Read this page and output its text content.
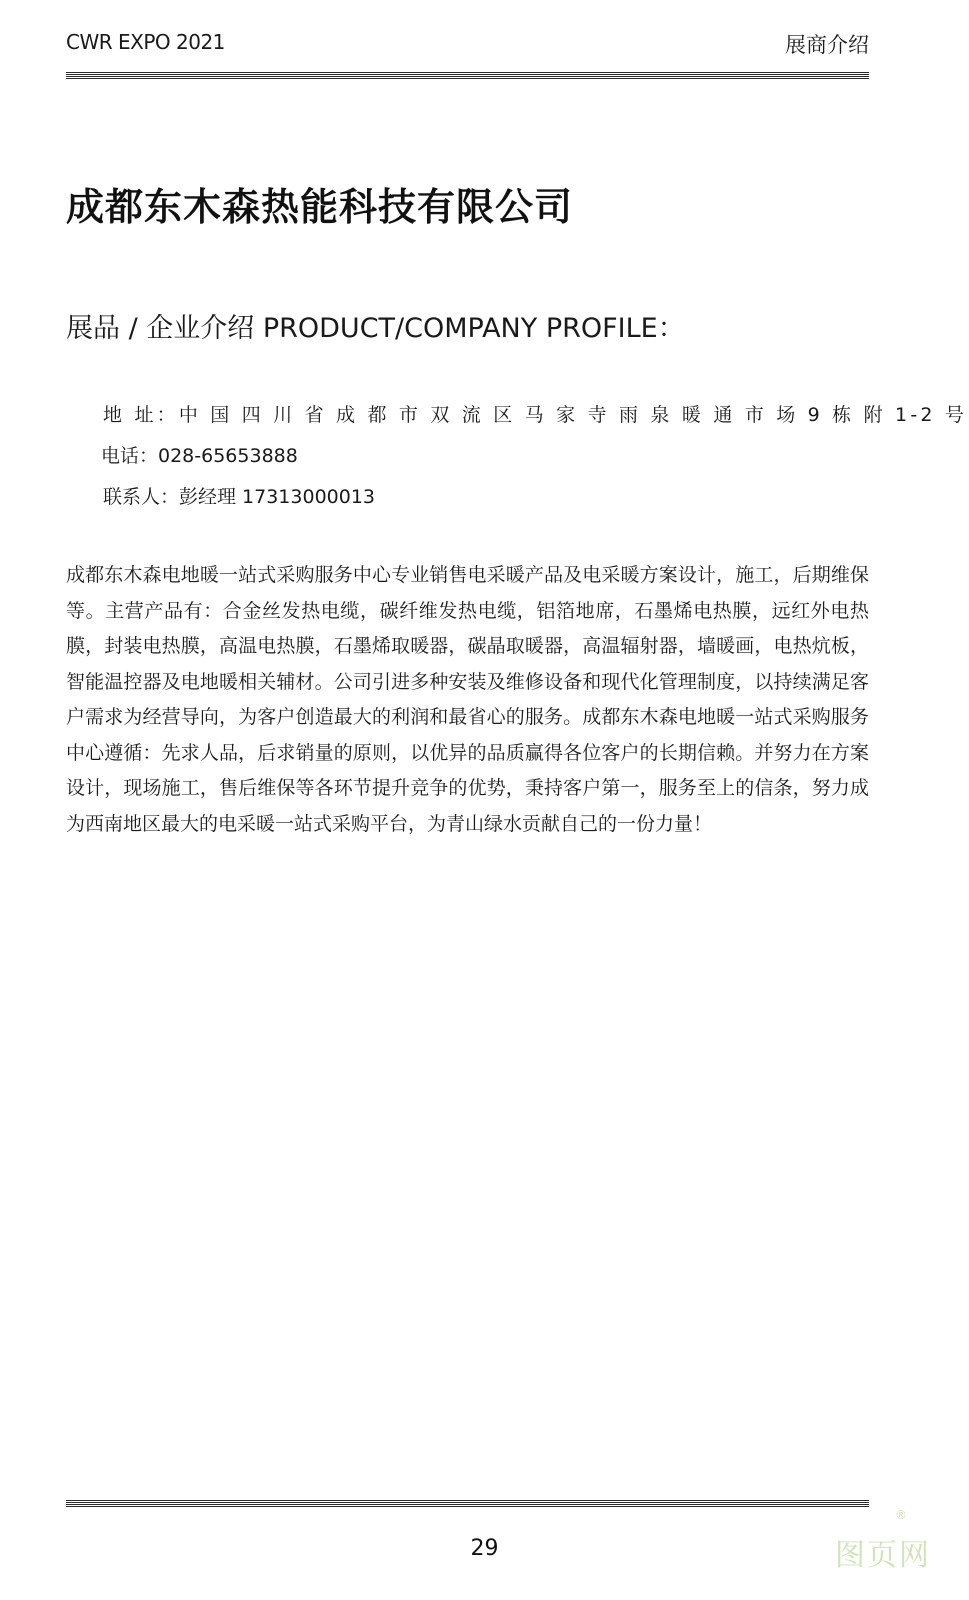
CWR EXPO 2021	展商介绍
成都东木森热能科技有限公司
展品 / 企业介绍 PRODUCT/COMPANY PROFILE：
地 址：中 国 四 川 省 成 都 市 双 流 区 马 家 寺 雨 泉 暖 通 市 场 9 栋 附 1-2 号
电话：028-65653888
联系人：彭经理 17313000013

成都东木森电地暖一站式采购服务中心专业销售电采暖产品及电采暖方案设计，施工，后期维保等。主营产品有：合金丝发热电缆，碳纤维发热电缆，铝箔地席，石墨烯电热膜，远红外电热膜，封装电热膜，高温电热膜，石墨烯取暖器，碳晶取暖器，高温辐射器，墙暖画，电热炕板，智能温控器及电地暖相关辅材。公司引进多种安装及维修设备和现代化管理制度，以持续满足客户需求为经营导向，为客户创造最大的利润和最省心的服务。成都东木森电地暖一站式采购服务中心遵循：先求人品，后求销量的原则，以优异的品质赢得各位客户的长期信赖。并努力在方案设计，现场施工，售后维保等各环节提升竞争的优势，秉持客户第一，服务至上的信条，努力成为西南地区最大的电采暖一站式采购平台，为青山绿水贡献自己的一份力量！

29
®
图页网
